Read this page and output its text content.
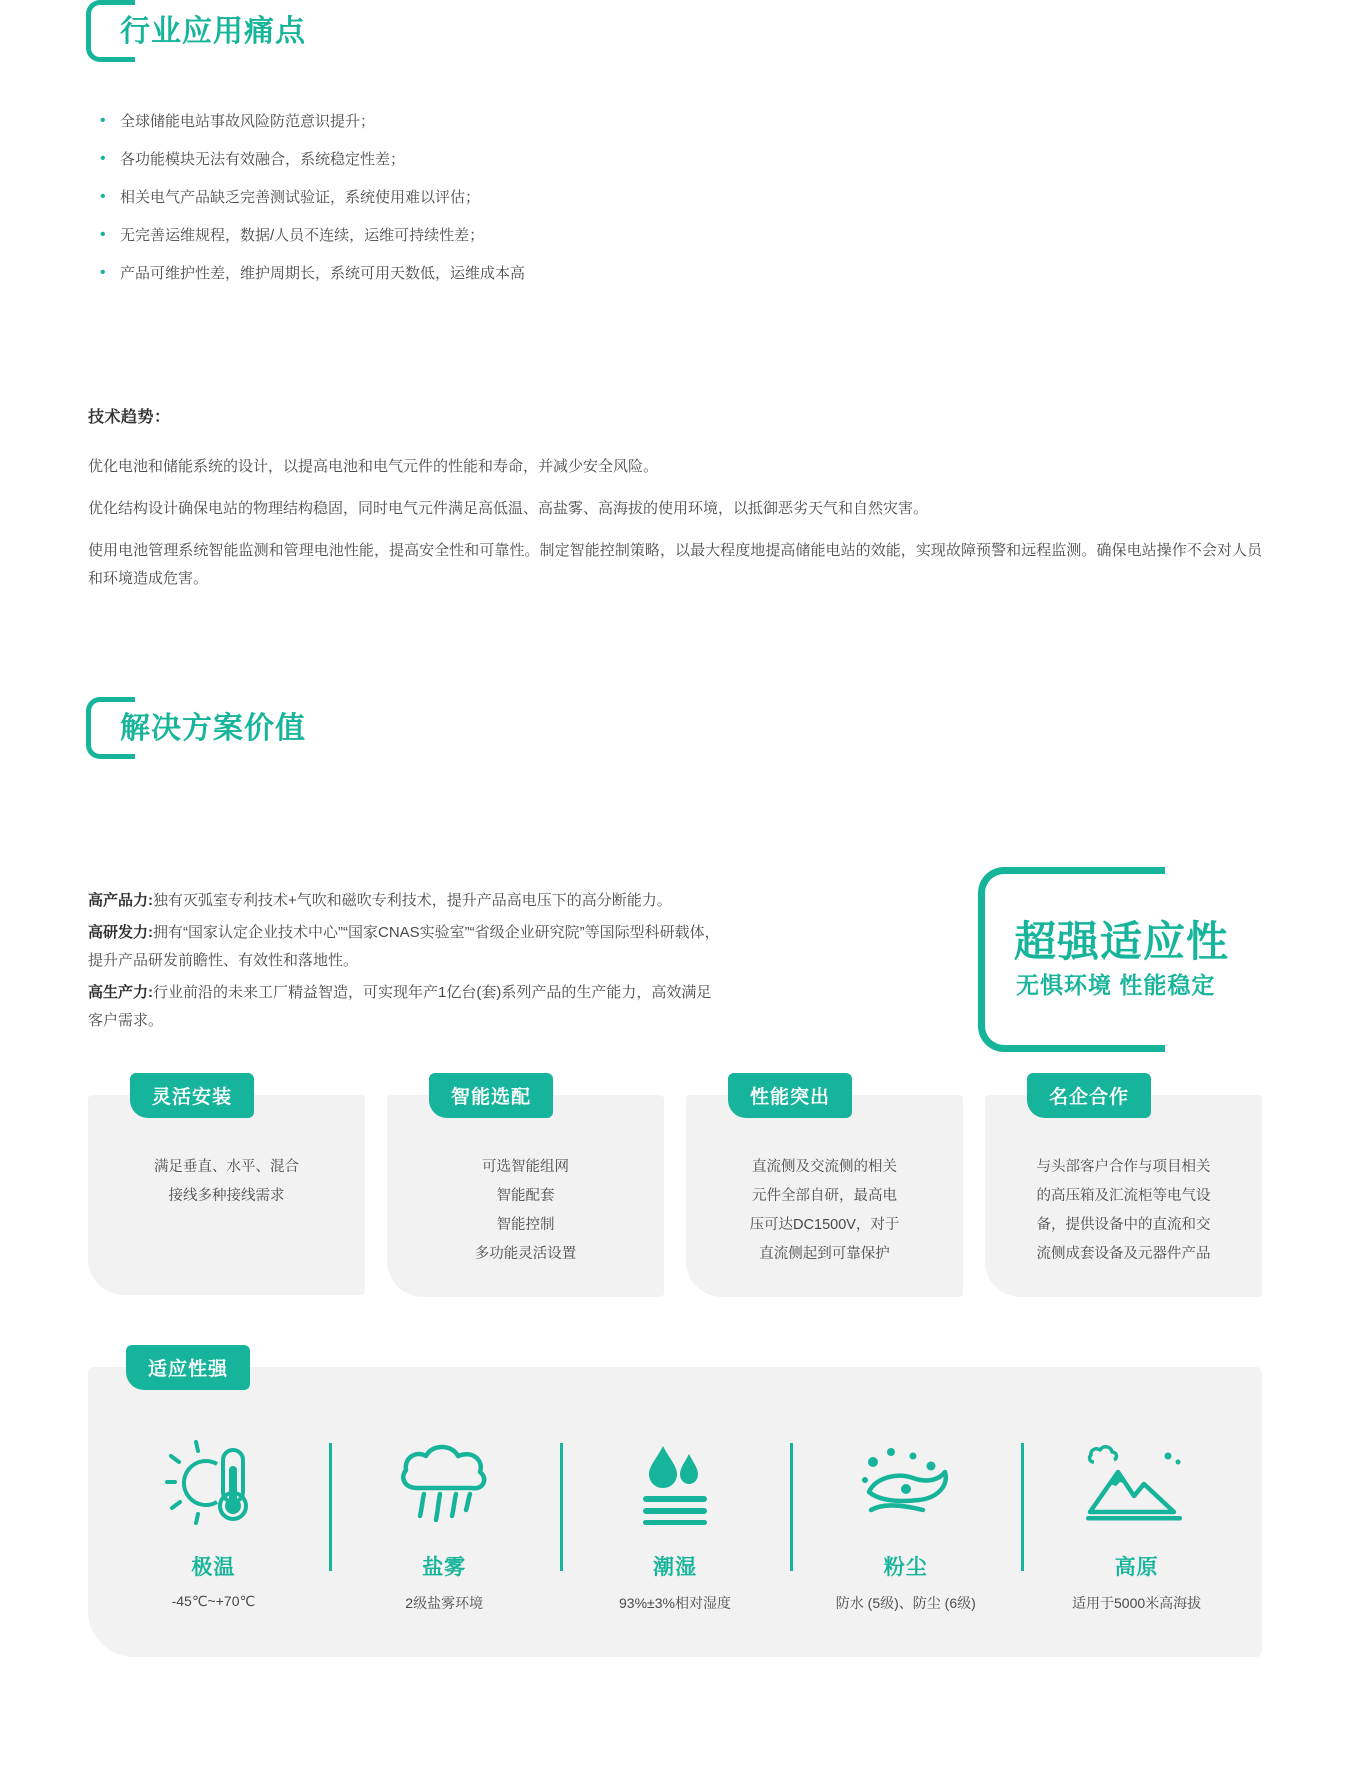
行业应用痛点
• 全球储能电站事故风险防范意识提升；
• 各功能模块无法有效融合，系统稳定性差；
• 相关电气产品缺乏完善测试验证，系统使用难以评估；
• 无完善运维规程，数据/人员不连续，运维可持续性差；
• 产品可维护性差，维护周期长，系统可用天数低，运维成本高
技术趋势：

优化电池和储能系统的设计，以提高电池和电气元件的性能和寿命，并减少安全风险。

优化结构设计确保电站的物理结构稳固，同时电气元件满足高低温、高盐雾、高海拔的使用环境，以抵御恶劣天气和自然灾害。

使用电池管理系统智能监测和管理电池性能，提高安全性和可靠性。制定智能控制策略，以最大程度地提高储能电站的效能，实现故障预警和远程监测。确保电站操作不会对人员和环境造成危害。

解决方案价值

高产品力:独有灭弧室专利技术+气吹和磁吹专利技术，提升产品高电压下的高分断能力。

高研发力:拥有“国家认定企业技术中心”“国家CNAS实验室”“省级企业研究院”等国际型科研载体，提升产品研发前瞻性、有效性和落地性。

高生产力:行业前沿的未来工厂精益智造，可实现年产1亿台(套)系列产品的生产能力，高效满足客户需求。

超强适应性
无惧环境 性能稳定
灵活安装
满足垂直、水平、混合
接线多种接线需求
智能选配
可选智能组网
智能配套
智能控制
多功能灵活设置
性能突出
直流侧及交流侧的相关
元件全部自研，最高电
压可达DC1500V，对于
直流侧起到可靠保护
名企合作
与头部客户合作与项目相关
的高压箱及汇流柜等电气设
备，提供设备中的直流和交
流侧成套设备及元器件产品
适应性强
极温
-45℃~+70℃
盐雾
2级盐雾环境
潮湿
93%±3%相对湿度
粉尘
防水 (5级)、防尘 (6级)
高原
适用于5000米高海拔
